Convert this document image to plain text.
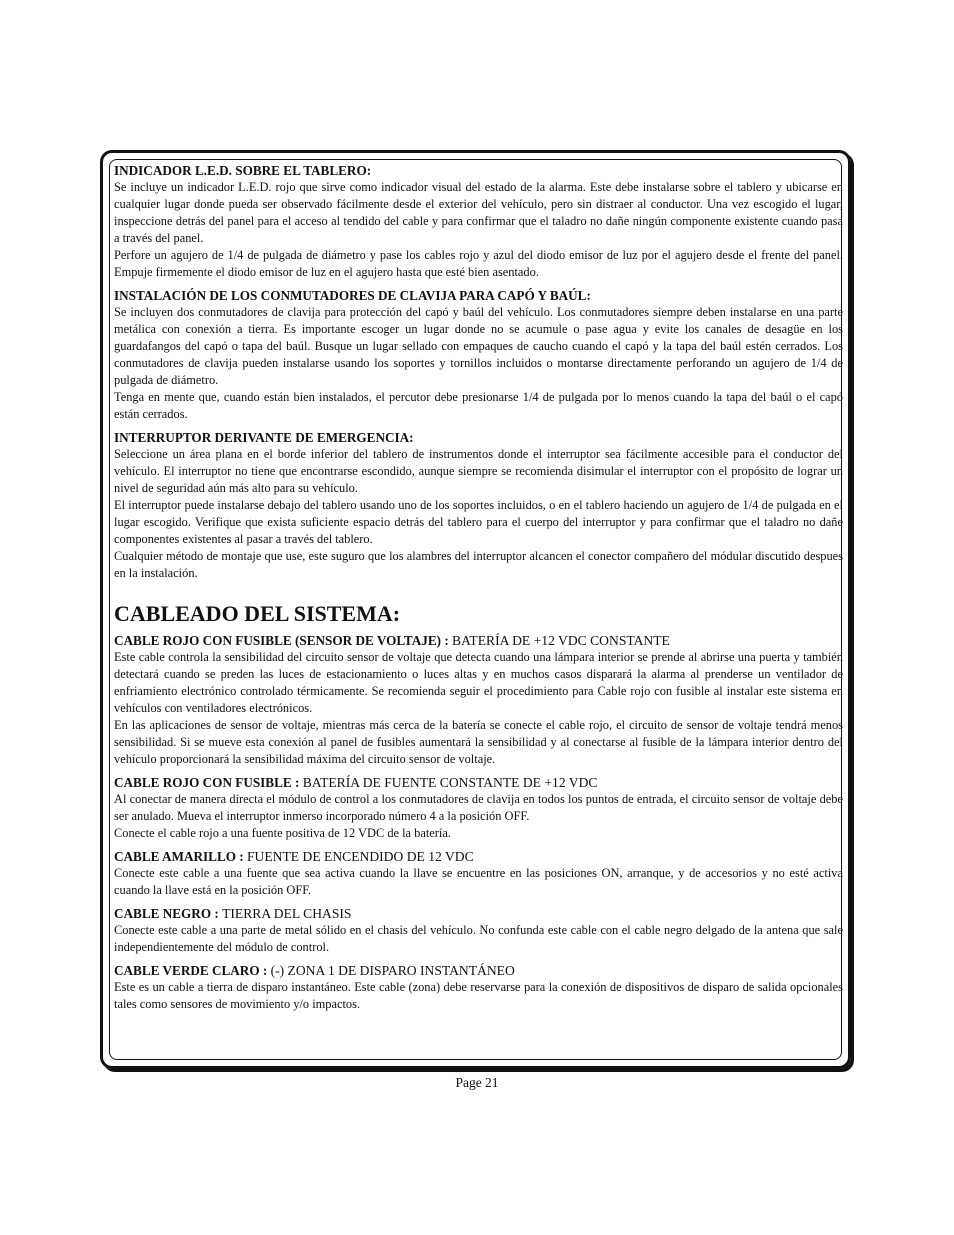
INDICADOR L.E.D. SOBRE EL TABLERO:

Se incluye un indicador L.E.D. rojo que sirve como indicador visual del estado de la alarma. Este debe instalarse sobre el tablero y ubicarse en cualquier lugar donde pueda ser observado fácilmente desde el exterior del vehículo, pero sin distraer al conductor. Una vez escogido el lugar, inspeccione detrás del panel para el acceso al tendido del cable y para confirmar que el taladro no dañe ningún componente existente cuando pasa a través del panel.

Perfore un agujero de 1/4 de pulgada de diámetro y pase los cables rojo y azul del diodo emisor de luz por el agujero desde el frente del panel. Empuje firmemente el diodo emisor de luz en el agujero hasta que esté bien asentado.

INSTALACIÓN DE LOS CONMUTADORES DE CLAVIJA PARA CAPÓ Y BAÚL:

Se incluyen dos conmutadores de clavija para protección del capó y baúl del vehículo. Los conmutadores siempre deben instalarse en una parte metálica con conexión a tierra. Es importante escoger un lugar donde no se acumule o pase agua y evite los canales de desagüe en los guardafangos del capó o tapa del baúl. Busque un lugar sellado con empaques de caucho cuando el capó y la tapa del baúl estén cerrados. Los conmutadores de clavija pueden instalarse usando los soportes y tornillos incluidos o montarse directamente perforando un agujero de 1/4 de pulgada de diámetro.

Tenga en mente que, cuando están bien instalados, el percutor debe presionarse 1/4 de pulgada por lo menos cuando la tapa del baúl o el capó están cerrados.

INTERRUPTOR DERIVANTE DE EMERGENCIA:

Seleccione un área plana en el borde inferior del tablero de instrumentos donde el interruptor sea fácilmente accesible para el conductor del vehículo. El interruptor no tiene que encontrarse escondido, aunque siempre se recomienda disimular el interruptor con el propósito de lograr un nivel de seguridad aún más alto para su vehículo.

El interruptor puede instalarse debajo del tablero usando uno de los soportes incluidos, o en el tablero haciendo un agujero de 1/4 de pulgada en el lugar escogido. Verifique que exista suficiente espacio detrás del tablero para el cuerpo del interruptor y para confirmar que el taladro no dañe componentes existentes al pasar a través del tablero.

Cualquier método de montaje que use, este suguro que los alambres del interruptor alcancen el conector compañero del módular discutido despues en la instalación.

CABLEADO DEL SISTEMA:

CABLE ROJO CON FUSIBLE (SENSOR DE VOLTAJE) : BATERÍA DE +12 VDC CONSTANTE

Este cable controla la sensibilidad del circuito sensor de voltaje que detecta cuando una lámpara interior se prende al abrirse una puerta y también detectará cuando se preden las luces de estacionamiento o luces altas y en muchos casos disparará la alarma al prenderse un ventilador de enfriamiento electrónico controlado térmicamente. Se recomienda seguir el procedimiento para Cable rojo con fusible al instalar este sistema en vehículos con ventiladores electrónicos.

En las aplicaciones de sensor de voltaje, mientras más cerca de la batería se conecte el cable rojo, el circuito de sensor de voltaje tendrá menos sensibilidad. Si se mueve esta conexión al panel de fusibles aumentará la sensibilidad y al conectarse al fusible de la lámpara interior dentro del vehículo proporcionará la sensibilidad máxima del circuito sensor de voltaje.

CABLE ROJO CON FUSIBLE : BATERÍA DE FUENTE CONSTANTE DE +12 VDC

Al conectar de manera directa el módulo de control a los conmutadores de clavija en todos los puntos de entrada, el circuito sensor de voltaje debe ser anulado. Mueva el interruptor inmerso incorporado número 4 a la posición OFF.

Conecte el cable rojo a una fuente positiva de 12 VDC de la batería.

CABLE AMARILLO : FUENTE DE ENCENDIDO DE 12 VDC

Conecte este cable a una fuente que sea activa cuando la llave se encuentre en las posiciones ON, arranque, y de accesorios y no esté activa cuando la llave está en la posición OFF.

CABLE NEGRO : TIERRA DEL CHASIS

Conecte este cable a una parte de metal sólido en el chasis del vehículo. No confunda este cable con el cable negro delgado de la antena que sale independientemente del módulo de control.

CABLE VERDE CLARO : (-) ZONA 1 DE DISPARO INSTANTÁNEO

Este es un cable a tierra de disparo instantáneo. Este cable (zona) debe reservarse para la conexión de dispositivos de disparo de salida opcionales tales como sensores de movimiento y/o impactos.

Page 21
